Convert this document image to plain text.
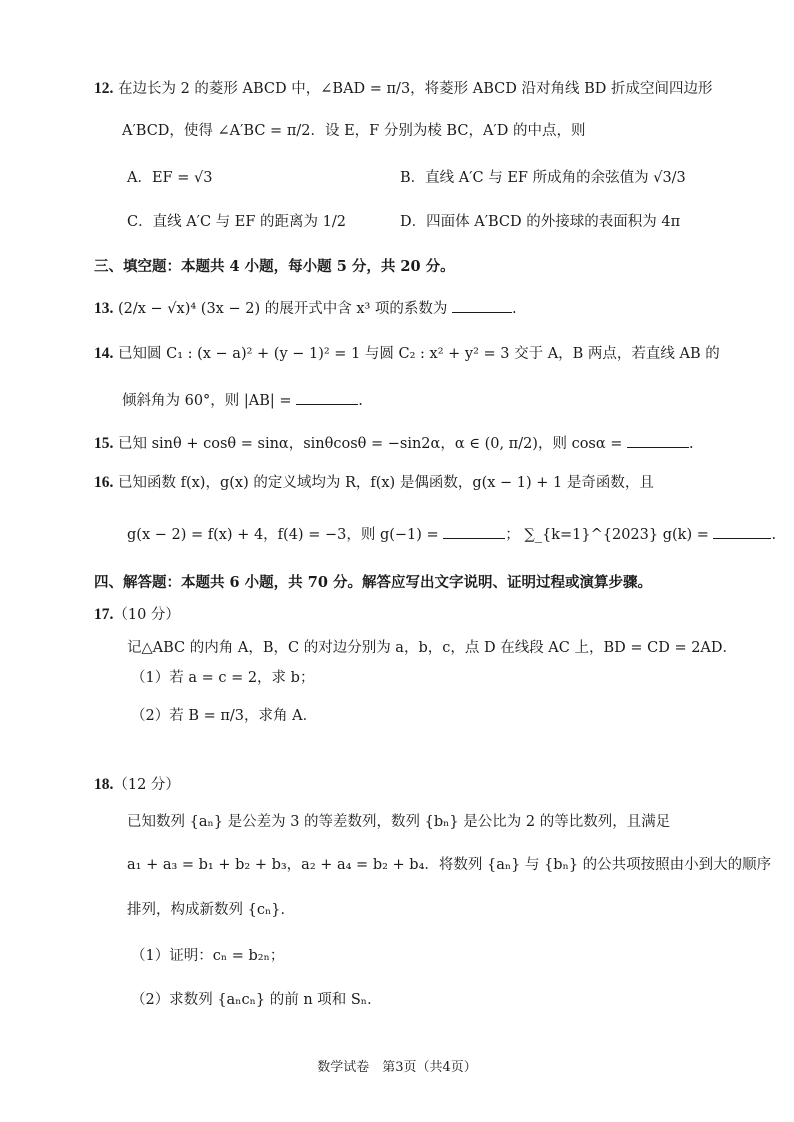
12. 在边长为 2 的菱形 ABCD 中，∠BAD = π/3，将菱形 ABCD 沿对角线 BD 折成空间四边形
A′BCD，使得 ∠A′BC = π/2．设 E，F 分别为棱 BC，A′D 的中点，则
A．EF = √3	B．直线 A′C 与 EF 所成角的余弦值为 √3/3
C．直线 A′C 与 EF 的距离为 1/2	D．四面体 A′BCD 的外接球的表面积为 4π
三、填空题：本题共 4 小题，每小题 5 分，共 20 分。
13. (2/x − √x)⁴ (3x − 2) 的展开式中含 x³ 项的系数为	.
14. 已知圆 C₁ : (x − a)² + (y − 1)² = 1 与圆 C₂ : x² + y² = 3 交于 A，B 两点，若直线 AB 的
倾斜角为 60°，则 |AB| =	.
15. 已知 sinθ + cosθ = sinα，sinθcosθ = −sin2α，α ∈ (0, π/2)，则 cosα =	.
16. 已知函数 f(x)，g(x) 的定义域均为 R，f(x) 是偶函数，g(x − 1) + 1 是奇函数，且
g(x − 2) = f(x) + 4，f(4) = −3，则 g(−1) =	； ∑_{k=1}^{2023} g(k) =	.
四、解答题：本题共 6 小题，共 70 分。解答应写出文字说明、证明过程或演算步骤。
17.（10 分）
记△ABC 的内角 A，B，C 的对边分别为 a，b，c，点 D 在线段 AC 上，BD = CD = 2AD．
（1）若 a = c = 2，求 b；
（2）若 B = π/3，求角 A．
18.（12 分）
已知数列 {aₙ} 是公差为 3 的等差数列，数列 {bₙ} 是公比为 2 的等比数列，且满足
a₁ + a₃ = b₁ + b₂ + b₃，a₂ + a₄ = b₂ + b₄．将数列 {aₙ} 与 {bₙ} 的公共项按照由小到大的顺序
排列，构成新数列 {cₙ}．
（1）证明：cₙ = b₂ₙ；
（2）求数列 {aₙcₙ} 的前 n 项和 Sₙ．
数学试卷　第3页（共4页）
